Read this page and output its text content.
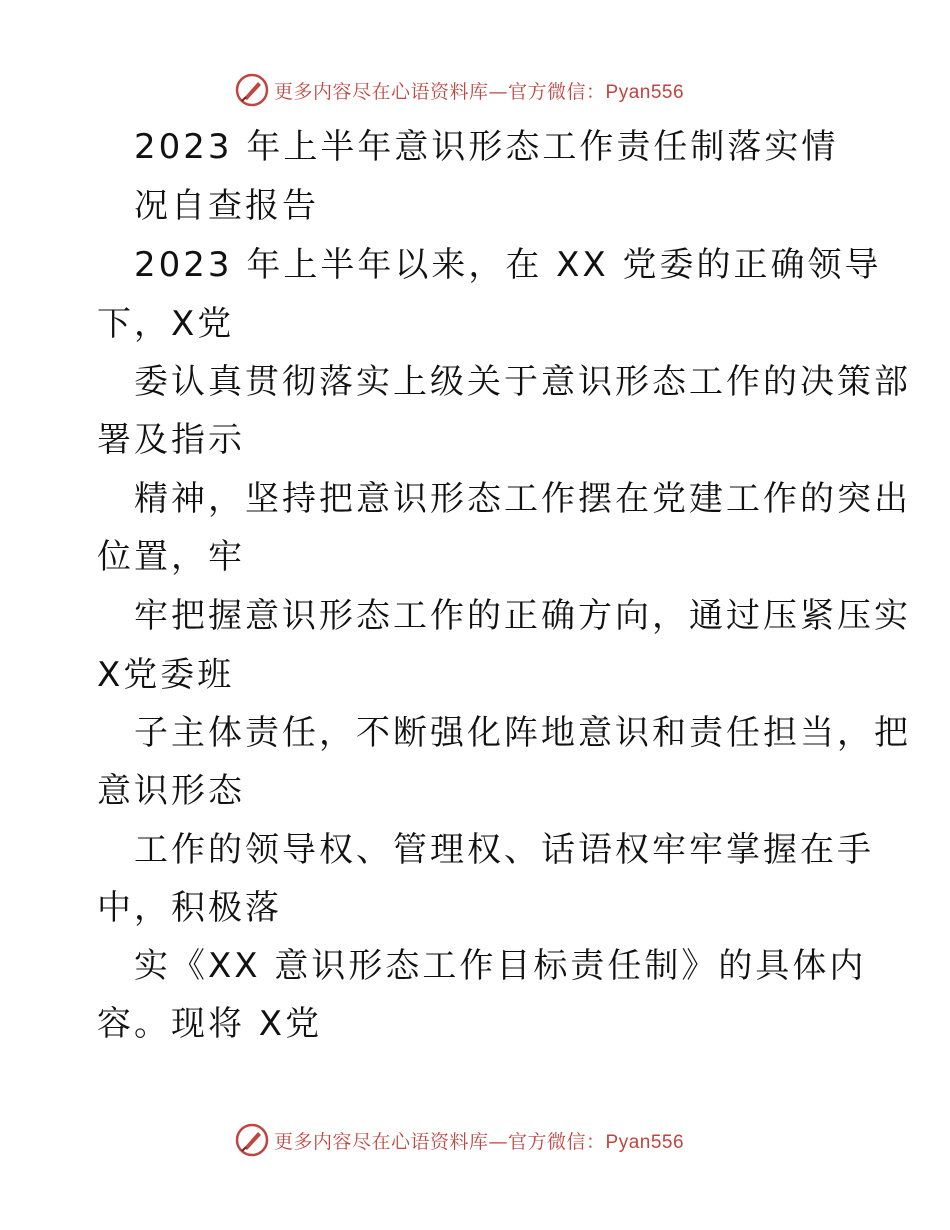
更多内容尽在心语资料库—官方微信：Pyan556
2023 年上半年意识形态工作责任制落实情
况自查报告
2023 年上半年以来，在 XX 党委的正确领导
下，X党
委认真贯彻落实上级关于意识形态工作的决策部
署及指示
精神，坚持把意识形态工作摆在党建工作的突出
位置，牢
牢把握意识形态工作的正确方向，通过压紧压实
X党委班
子主体责任，不断强化阵地意识和责任担当，把
意识形态
工作的领导权、管理权、话语权牢牢掌握在手
中，积极落
实《XX 意识形态工作目标责任制》的具体内
容。现将 X党
更多内容尽在心语资料库—官方微信：Pyan556
